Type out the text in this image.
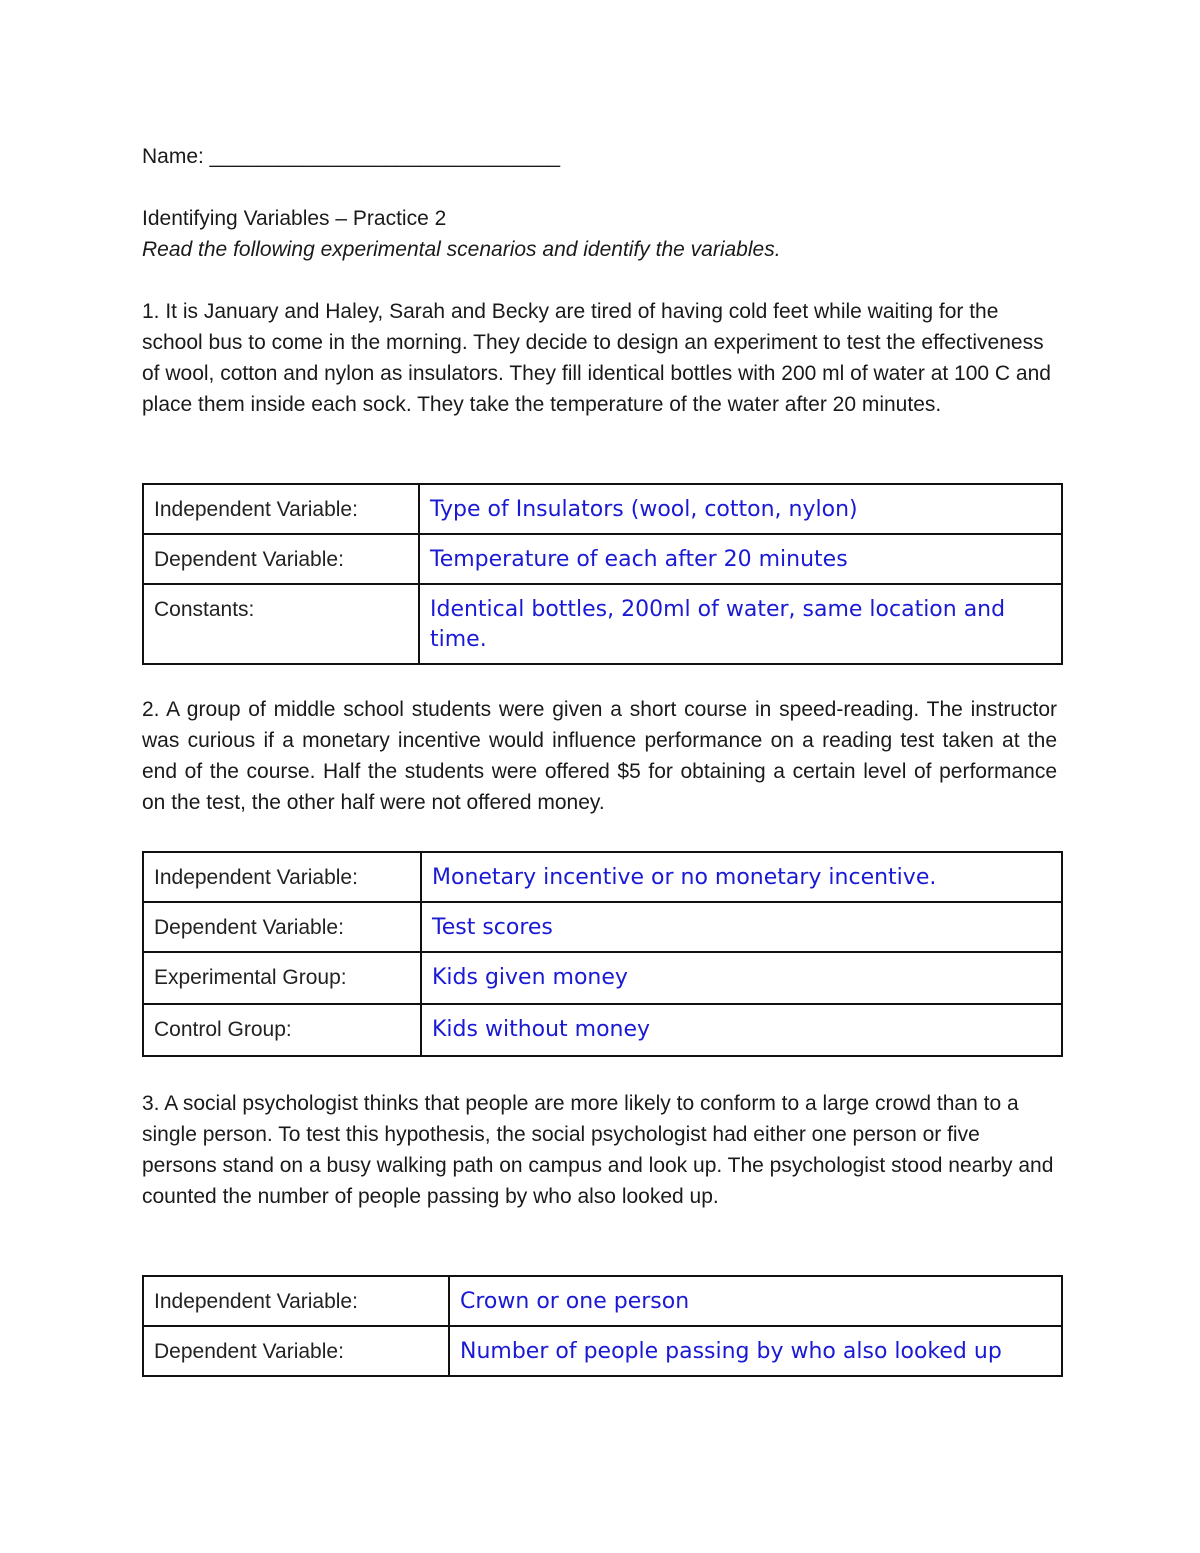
Name: ______________________________
Identifying Variables – Practice 2
Read the following experimental scenarios and identify the variables.
1. It is January and Haley, Sarah and Becky are tired of having cold feet while waiting for the school bus to come in the morning. They decide to design an experiment to test the effectiveness of wool, cotton and nylon as insulators. They fill identical bottles with 200 ml of water at 100 C and place them inside each sock. They take the temperature of the water after 20 minutes.
Independent Variable:	Type of Insulators (wool, cotton, nylon)
Dependent Variable:	Temperature of each after 20 minutes
Constants:	Identical bottles, 200ml of water, same location and time.
2. A group of middle school students were given a short course in speed-reading. The instructor was curious if a monetary incentive would influence performance on a reading test taken at the end of the course. Half the students were offered $5 for obtaining a certain level of performance on the test, the other half were not offered money.
Independent Variable:	Monetary incentive or no monetary incentive.
Dependent Variable:	Test scores
Experimental Group:	Kids given money
Control Group:	Kids without money
3. A social psychologist thinks that people are more likely to conform to a large crowd than to a single person. To test this hypothesis, the social psychologist had either one person or five persons stand on a busy walking path on campus and look up. The psychologist stood nearby and counted the number of people passing by who also looked up.
Independent Variable:	Crown or one person
Dependent Variable:	Number of people passing by who also looked up
